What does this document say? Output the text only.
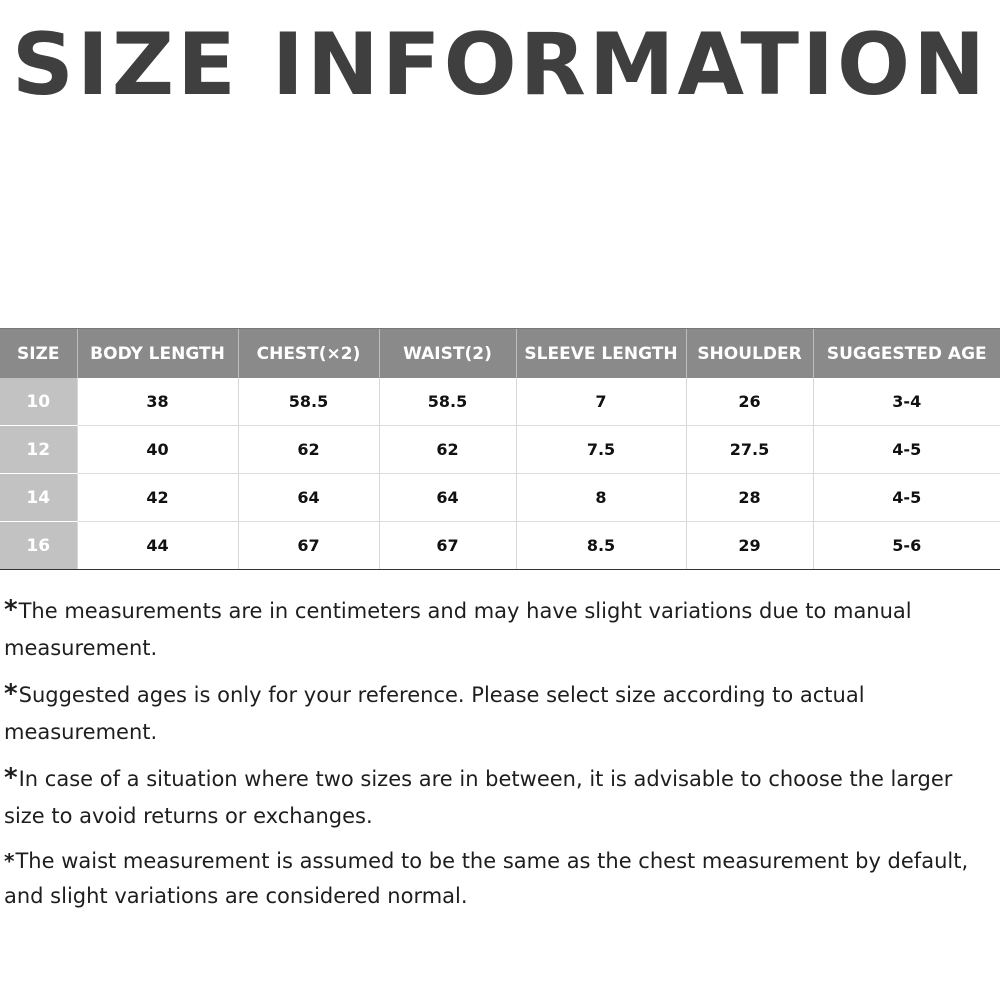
SIZE INFORMATION
SIZE	BODY LENGTH	CHEST(×2)	WAIST(2)	SLEEVE LENGTH	SHOULDER	SUGGESTED AGE
10	38	58.5	58.5	7	26	3-4
12	40	62	62	7.5	27.5	4-5
14	42	64	64	8	28	4-5
16	44	67	67	8.5	29	5-6

*The measurements are in centimeters and may have slight variations due to manual measurement.

*Suggested ages is only for your reference. Please select size according to actual measurement.

*In case of a situation where two sizes are in between, it is advisable to choose the larger size to avoid returns or exchanges.

*The waist measurement is assumed to be the same as the chest measurement by default, and slight variations are considered normal.
